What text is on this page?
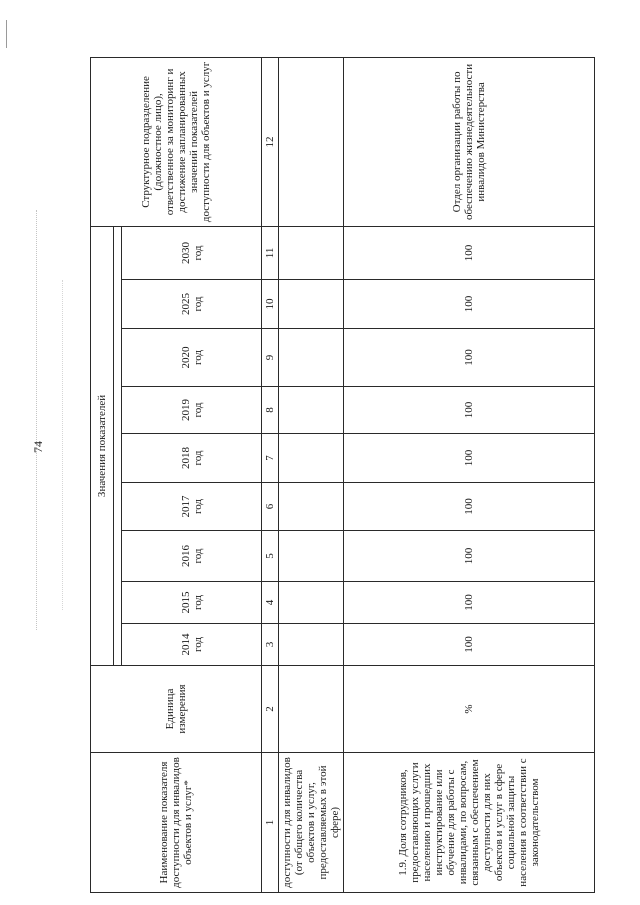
74
Наименование показателя доступности для инвалидов объектов и услуг*	Единица измерения	Значения показателей									Структурное подразделение (должностное лицо), ответственное за мониторинг и достижение запланированных значений показателей доступности для объектов и услуг

		2014 год	2015 год	2016 год	2017 год	2018 год	2019 год	2020 год	2025 год	2030 год	

1	2	3	4	5	6	7	8	9	10	11	12
доступности для инвалидов (от общего количества объектов и услуг, предоставляемых в этой сфере)											
1.9. Доля сотрудников, предоставляющих услуги населению и прошедших инструктирование или обучение для работы с инвалидами, по вопросам, связанным с обеспечением доступности для них объектов и услуг в сфере социальной защиты населения в соответствии с законодательством	%	100	100	100	100	100	100	100	100	100	Отдел организации работы по обеспечению жизнедеятельности инвалидов Министерства
